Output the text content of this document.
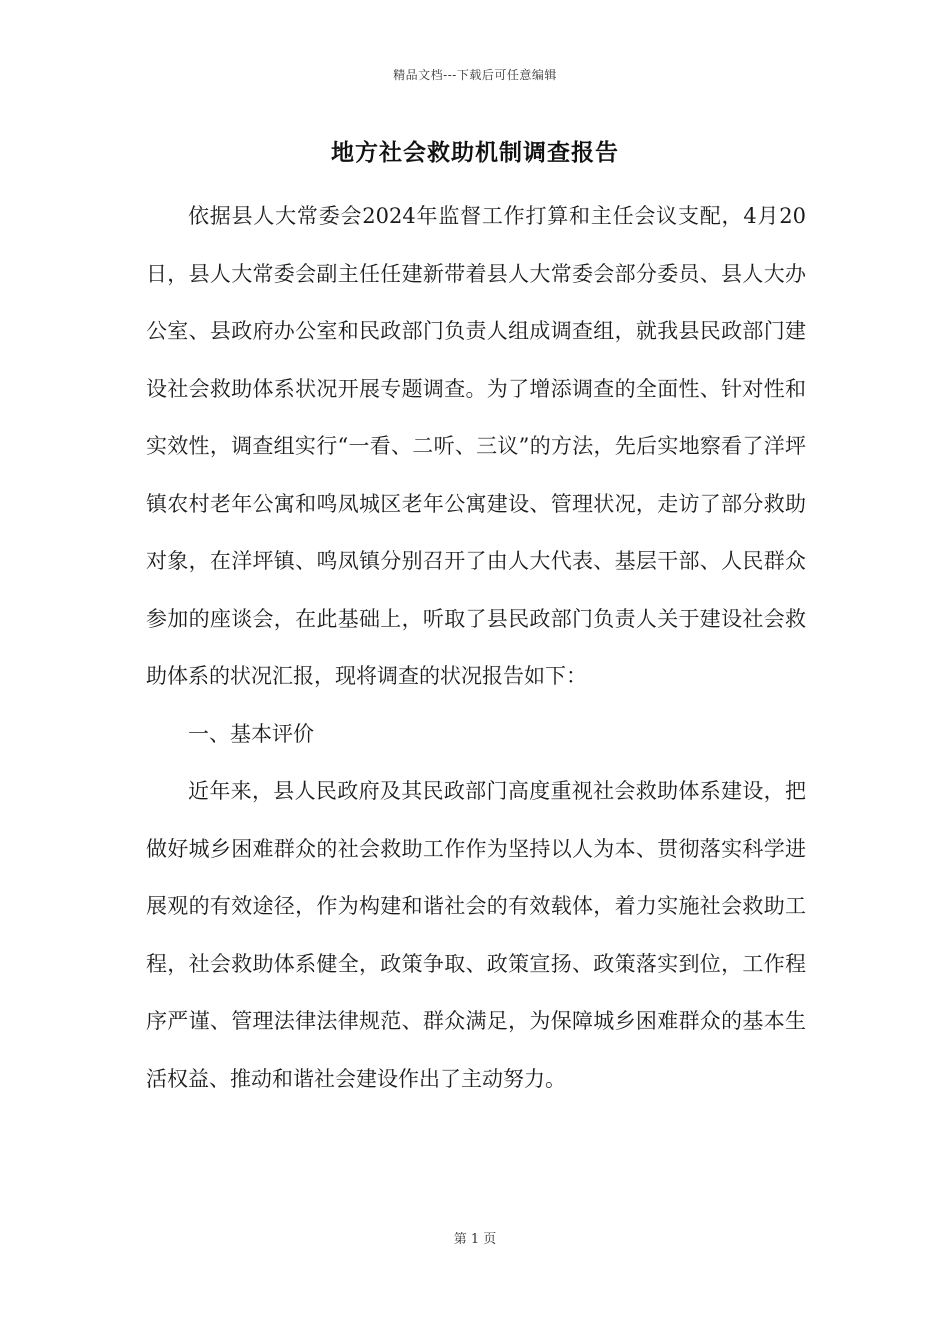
精品文档---下载后可任意编辑
地方社会救助机制调查报告

依据县人大常委会2024年监督工作打算和主任会议支配，4月20日，县人大常委会副主任任建新带着县人大常委会部分委员、县人大办公室、县政府办公室和民政部门负责人组成调查组，就我县民政部门建设社会救助体系状况开展专题调查。为了增添调查的全面性、针对性和实效性，调查组实行“一看、二听、三议”的方法，先后实地察看了洋坪镇农村老年公寓和鸣凤城区老年公寓建设、管理状况，走访了部分救助对象，在洋坪镇、鸣凤镇分别召开了由人大代表、基层干部、人民群众参加的座谈会，在此基础上，听取了县民政部门负责人关于建设社会救助体系的状况汇报，现将调查的状况报告如下：

一、基本评价

近年来，县人民政府及其民政部门高度重视社会救助体系建设，把做好城乡困难群众的社会救助工作作为坚持以人为本、贯彻落实科学进展观的有效途径，作为构建和谐社会的有效载体，着力实施社会救助工程，社会救助体系健全，政策争取、政策宣扬、政策落实到位，工作程序严谨、管理法律法律规范、群众满足，为保障城乡困难群众的基本生活权益、推动和谐社会建设作出了主动努力。

第 1 页
